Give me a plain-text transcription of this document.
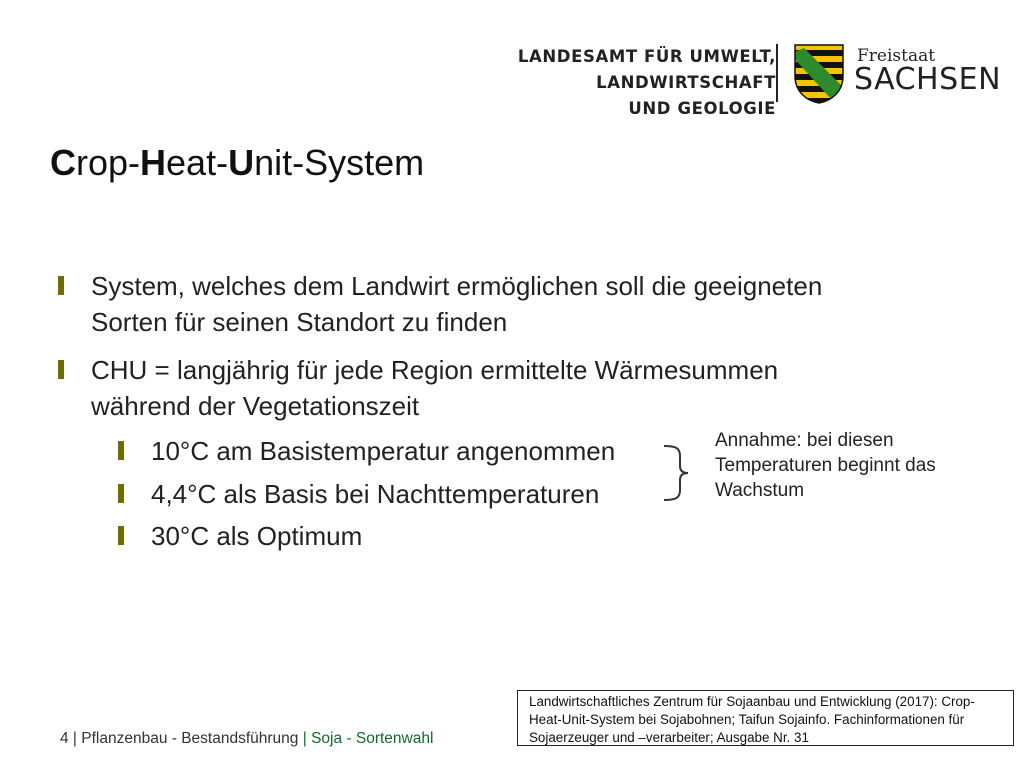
LANDESAMT FÜR UMWELT,
LANDWIRTSCHAFT
UND GEOLOGIE
Freistaat
SACHSEN
Crop-Heat-Unit-System
System, welches dem Landwirt ermöglichen soll die geeigneten
Sorten für seinen Standort zu finden
CHU = langjährig für jede Region ermittelte Wärmesummen
während der Vegetationszeit
10°C am Basistemperatur angenommen
4,4°C als Basis bei Nachttemperaturen
30°C als Optimum
Annahme: bei diesen
Temperaturen beginnt das
Wachstum
4 | Pflanzenbau - Bestandsführung | Soja - Sortenwahl
Landwirtschaftliches Zentrum für Sojaanbau und Entwicklung (2017): Crop-
Heat-Unit-System bei Sojabohnen; Taifun Sojainfo. Fachinformationen für
Sojaerzeuger und –verarbeiter; Ausgabe Nr. 31
